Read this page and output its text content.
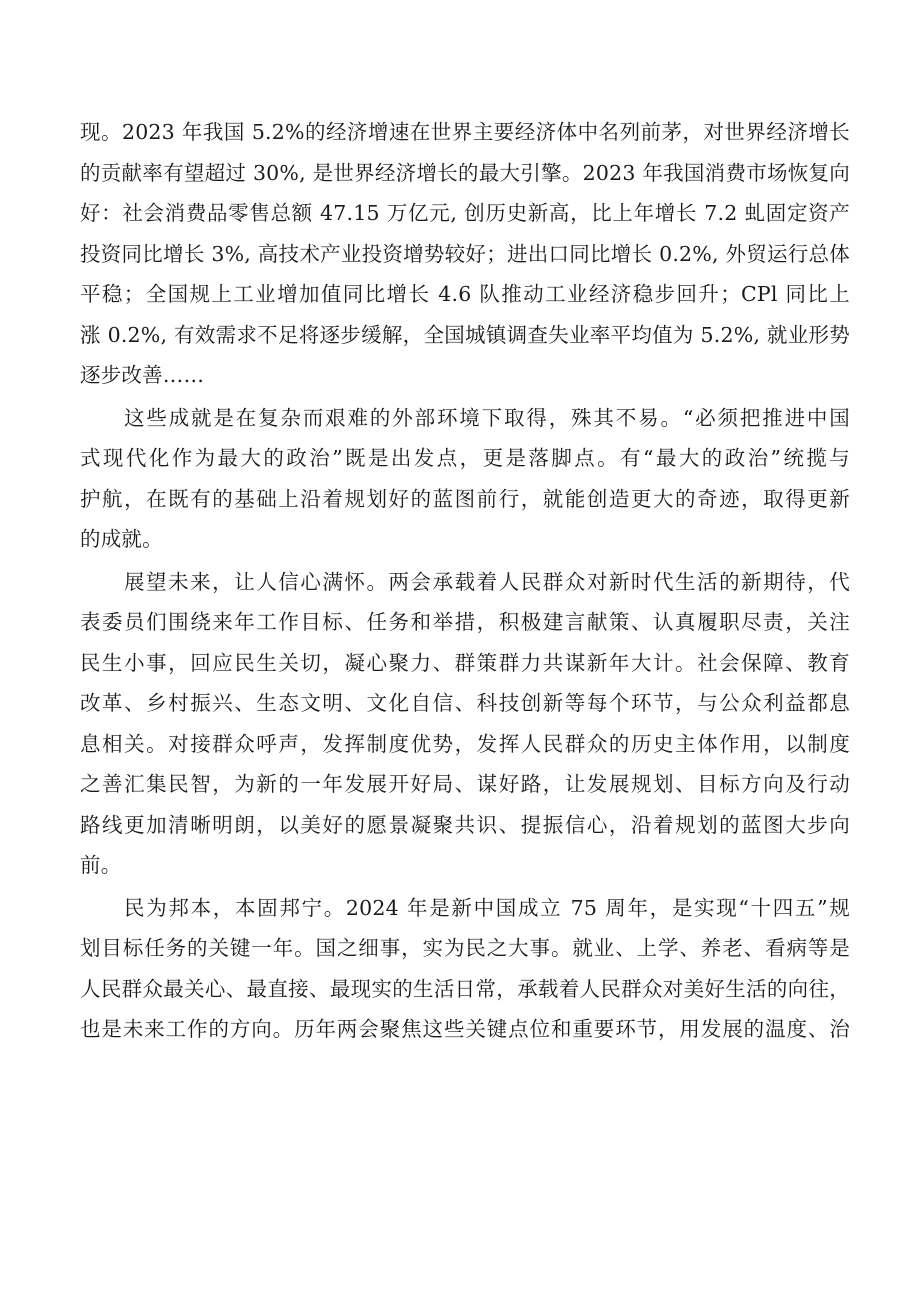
现。2023 年我国 5.2%的经济增速在世界主要经济体中名列前茅，对世界经济增长
的贡献率有望超过 30%, 是世界经济增长的最大引擎。2023 年我国消费市场恢复向
好：社会消费品零售总额 47.15 万亿元, 创历史新高，比上年增长 7.2 虬固定资产
投资同比增长 3%, 高技术产业投资增势较好；进出口同比增长 0.2%, 外贸运行总体
平稳；全国规上工业增加值同比增长 4.6 队推动工业经济稳步回升；CPl 同比上
涨 0.2%, 有效需求不足将逐步缓解，全国城镇调查失业率平均值为 5.2%, 就业形势
逐步改善……
这些成就是在复杂而艰难的外部环境下取得，殊其不易。“必须把推进中国
式现代化作为最大的政治”既是出发点，更是落脚点。有“最大的政治”统揽与
护航，在既有的基础上沿着规划好的蓝图前行，就能创造更大的奇迹，取得更新
的成就。
展望未来，让人信心满怀。两会承载着人民群众对新时代生活的新期待，代
表委员们围绕来年工作目标、任务和举措，积极建言献策、认真履职尽责，关注
民生小事，回应民生关切，凝心聚力、群策群力共谋新年大计。社会保障、教育
改革、乡村振兴、生态文明、文化自信、科技创新等每个环节，与公众利益都息
息相关。对接群众呼声，发挥制度优势，发挥人民群众的历史主体作用，以制度
之善汇集民智，为新的一年发展开好局、谋好路，让发展规划、目标方向及行动
路线更加清晰明朗，以美好的愿景凝聚共识、提振信心，沿着规划的蓝图大步向
前。
民为邦本，本固邦宁。2024 年是新中国成立 75 周年，是实现“十四五”规
划目标任务的关键一年。国之细事，实为民之大事。就业、上学、养老、看病等是
人民群众最关心、最直接、最现实的生活日常，承载着人民群众对美好生活的向往，
也是未来工作的方向。历年两会聚焦这些关键点位和重要环节，用发展的温度、治
